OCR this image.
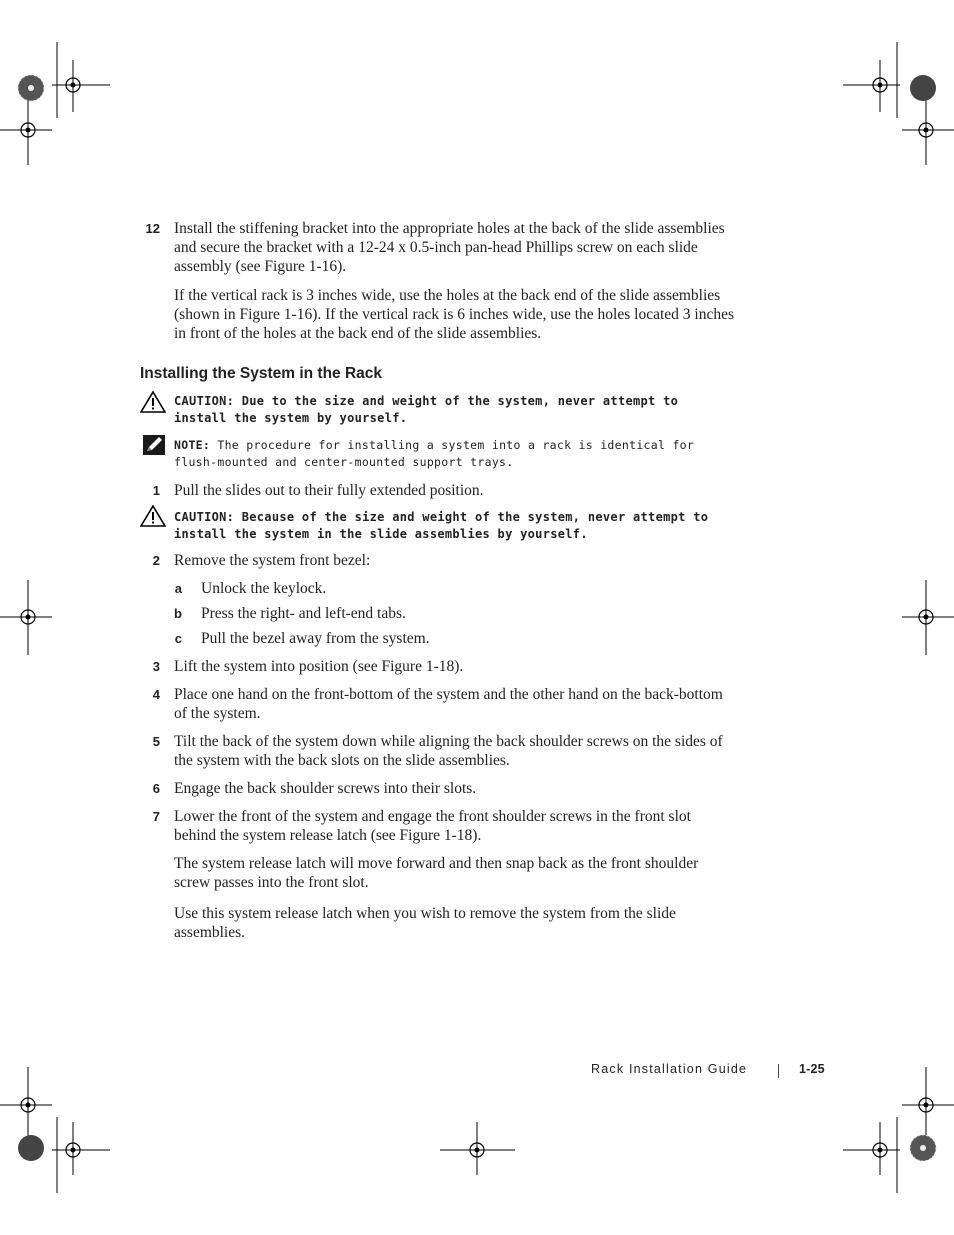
12 Install the stiffening bracket into the appropriate holes at the back of the slide assemblies and secure the bracket with a 12-24 x 0.5-inch pan-head Phillips screw on each slide assembly (see Figure 1-16).
If the vertical rack is 3 inches wide, use the holes at the back end of the slide assemblies (shown in Figure 1-16). If the vertical rack is 6 inches wide, use the holes located 3 inches in front of the holes at the back end of the slide assemblies.
Installing the System in the Rack
CAUTION: Due to the size and weight of the system, never attempt to install the system by yourself.
NOTE: The procedure for installing a system into a rack is identical for flush-mounted and center-mounted support trays.
1 Pull the slides out to their fully extended position.
CAUTION: Because of the size and weight of the system, never attempt to install the system in the slide assemblies by yourself.
2 Remove the system front bezel:
a Unlock the keylock.
b Press the right- and left-end tabs.
c Pull the bezel away from the system.
3 Lift the system into position (see Figure 1-18).
4 Place one hand on the front-bottom of the system and the other hand on the back-bottom of the system.
5 Tilt the back of the system down while aligning the back shoulder screws on the sides of the system with the back slots on the slide assemblies.
6 Engage the back shoulder screws into their slots.
7 Lower the front of the system and engage the front shoulder screws in the front slot behind the system release latch (see Figure 1-18).
The system release latch will move forward and then snap back as the front shoulder screw passes into the front slot.
Use this system release latch when you wish to remove the system from the slide assemblies.
Rack Installation Guide	1-25
